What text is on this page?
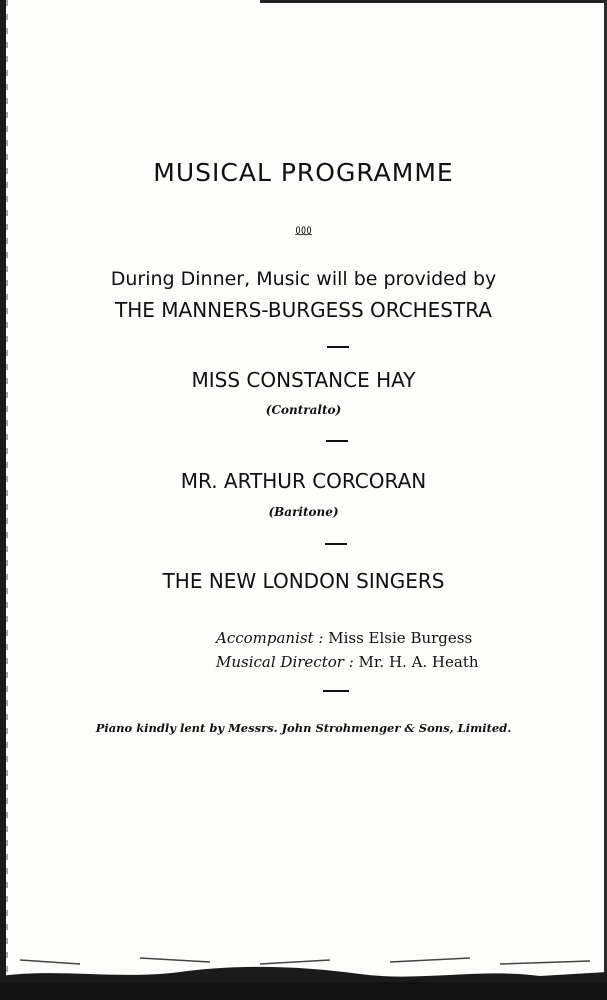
MUSICAL PROGRAMME
⅏
During Dinner, Music will be provided by
THE MANNERS-BURGESS ORCHESTRA
MISS CONSTANCE HAY
(Contralto)
MR. ARTHUR CORCORAN
(Baritone)
THE NEW LONDON SINGERS
Accompanist : Miss Elsie Burgess
Musical Director : Mr. H. A. Heath
Piano kindly lent by Messrs. John Strohmenger & Sons, Limited.
